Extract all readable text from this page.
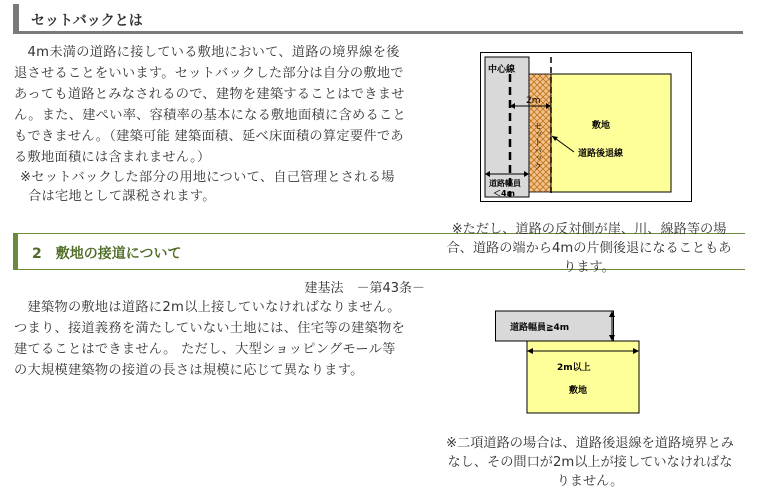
セットバックとは
　4m未満の道路に接している敷地において、道路の境界線を後
退させることをいいます。セットバックした部分は自分の敷地で
あっても道路とみなされるので、建物を建築することはできませ
ん。また、建ぺい率、容積率の基本になる敷地面積に含めること
もできません。（建築可能 建築面積、延べ床面積の算定要件であ
る敷地面積には含まれません。）
※セットバックした部分の用地について、自己管理とされる場
合は宅地として課税されます。
中心線
2m
セットバック	敷地
道路後退線
道路幅員
＜4m
2　敷地の接道について
※ただし、道路の反対側が崖、川、線路等の場
合、道路の端から4mの片側後退になることもあ
ります。
建基法　－第43条－
　建築物の敷地は道路に2m以上接していなければなりません。
つまり、接道義務を満たしていない土地には、住宅等の建築物を
建てることはできません。 ただし、大型ショッピングモール等
の大規模建築物の接道の長さは規模に応じて異なります。
道路幅員≧4m
2m以上
敷地
※二項道路の場合は、道路後退線を道路境界とみ
なし、その間口が2m以上が接していなければな
りません。
